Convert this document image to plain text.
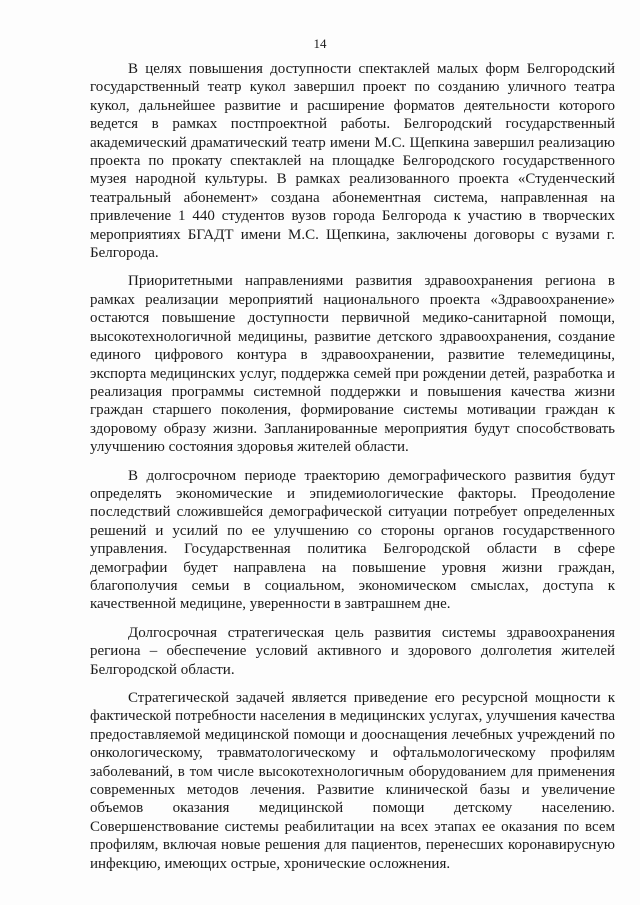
14

В целях повышения доступности спектаклей малых форм Белгородский государственный театр кукол завершил проект по созданию уличного театра кукол, дальнейшее развитие и расширение форматов деятельности которого ведется в рамках постпроектной работы. Белгородский государственный академический драматический театр имени М.С. Щепкина завершил реализацию проекта по прокату спектаклей на площадке Белгородского государственного музея народной культуры. В рамках реализованного проекта «Студенческий театральный абонемент» создана абонементная система, направленная на привлечение 1 440 студентов вузов города Белгорода к участию в творческих мероприятиях БГАДТ имени М.С. Щепкина, заключены договоры с вузами г. Белгорода.

Приоритетными направлениями развития здравоохранения региона в рамках реализации мероприятий национального проекта «Здравоохранение» остаются повышение доступности первичной медико-санитарной помощи, высокотехнологичной медицины, развитие детского здравоохранения, создание единого цифрового контура в здравоохранении, развитие телемедицины, экспорта медицинских услуг, поддержка семей при рождении детей, разработка и реализация программы системной поддержки и повышения качества жизни граждан старшего поколения, формирование системы мотивации граждан к здоровому образу жизни. Запланированные мероприятия будут способствовать улучшению состояния здоровья жителей области.

В долгосрочном периоде траекторию демографического развития будут определять экономические и эпидемиологические факторы. Преодоление последствий сложившейся демографической ситуации потребует определенных решений и усилий по ее улучшению со стороны органов государственного управления. Государственная политика Белгородской области в сфере демографии будет направлена на повышение уровня жизни граждан, благополучия семьи в социальном, экономическом смыслах, доступа к качественной медицине, уверенности в завтрашнем дне.

Долгосрочная стратегическая цель развития системы здравоохранения региона – обеспечение условий активного и здорового долголетия жителей Белгородской области.

Стратегической задачей является приведение его ресурсной мощности к фактической потребности населения в медицинских услугах, улучшения качества предоставляемой медицинской помощи и дооснащения лечебных учреждений по онкологическому, травматологическому и офтальмологическому профилям заболеваний, в том числе высокотехнологичным оборудованием для применения современных методов лечения. Развитие клинической базы и увеличение объемов оказания медицинской помощи детскому населению. Совершенствование системы реабилитации на всех этапах ее оказания по всем профилям, включая новые решения для пациентов, перенесших коронавирусную инфекцию, имеющих острые, хронические осложнения.
